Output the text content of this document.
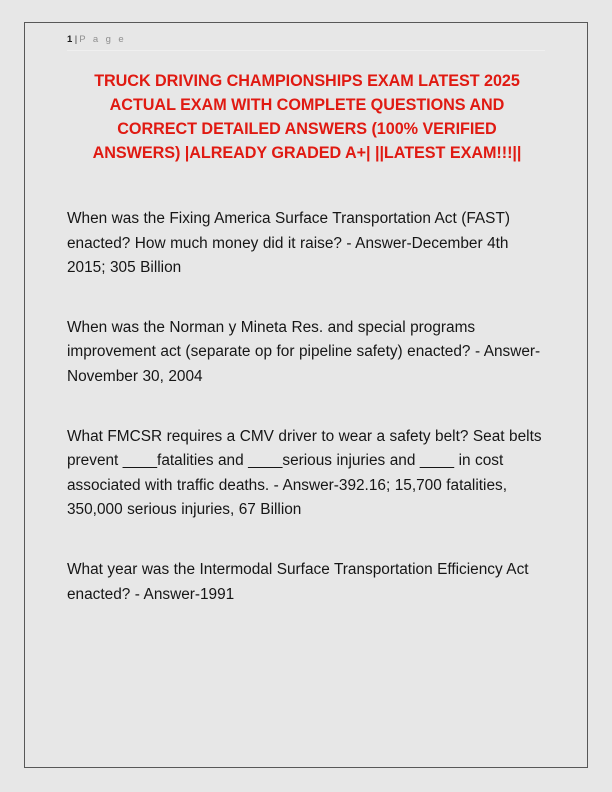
1 | P a g e
TRUCK DRIVING CHAMPIONSHIPS EXAM LATEST 2025 ACTUAL EXAM WITH COMPLETE QUESTIONS AND CORRECT DETAILED ANSWERS (100% VERIFIED ANSWERS) |ALREADY GRADED A+| ||LATEST EXAM!!!||

When was the Fixing America Surface Transportation Act (FAST) enacted? How much money did it raise? - Answer-December 4th 2015; 305 Billion

When was the Norman y Mineta Res. and special programs improvement act (separate op for pipeline safety) enacted? - Answer-November 30, 2004

What FMCSR requires a CMV driver to wear a safety belt? Seat belts prevent ____fatalities and ____serious injuries and ____ in cost associated with traffic deaths. - Answer-392.16; 15,700 fatalities, 350,000 serious injuries, 67 Billion

What year was the Intermodal Surface Transportation Efficiency Act enacted? - Answer-1991
